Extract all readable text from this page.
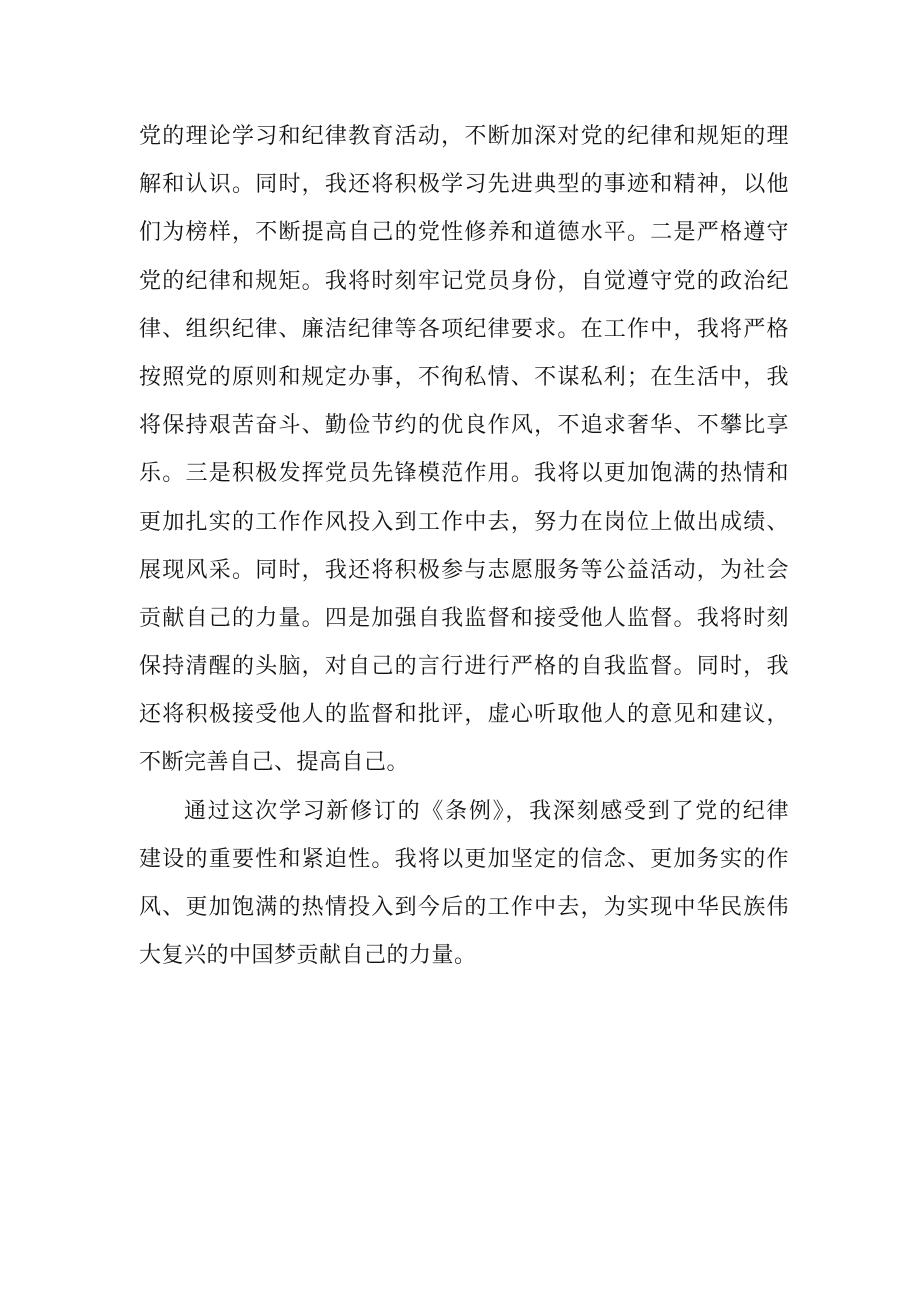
党的理论学习和纪律教育活动，不断加深对党的纪律和规矩的理
解和认识。同时，我还将积极学习先进典型的事迹和精神，以他
们为榜样，不断提高自己的党性修养和道德水平。二是严格遵守
党的纪律和规矩。我将时刻牢记党员身份，自觉遵守党的政治纪
律、组织纪律、廉洁纪律等各项纪律要求。在工作中，我将严格
按照党的原则和规定办事，不徇私情、不谋私利；在生活中，我
将保持艰苦奋斗、勤俭节约的优良作风，不追求奢华、不攀比享
乐。三是积极发挥党员先锋模范作用。我将以更加饱满的热情和
更加扎实的工作作风投入到工作中去，努力在岗位上做出成绩、
展现风采。同时，我还将积极参与志愿服务等公益活动，为社会
贡献自己的力量。四是加强自我监督和接受他人监督。我将时刻
保持清醒的头脑，对自己的言行进行严格的自我监督。同时，我
还将积极接受他人的监督和批评，虚心听取他人的意见和建议，
不断完善自己、提高自己。
通过这次学习新修订的《条例》，我深刻感受到了党的纪律
建设的重要性和紧迫性。我将以更加坚定的信念、更加务实的作
风、更加饱满的热情投入到今后的工作中去，为实现中华民族伟
大复兴的中国梦贡献自己的力量。
